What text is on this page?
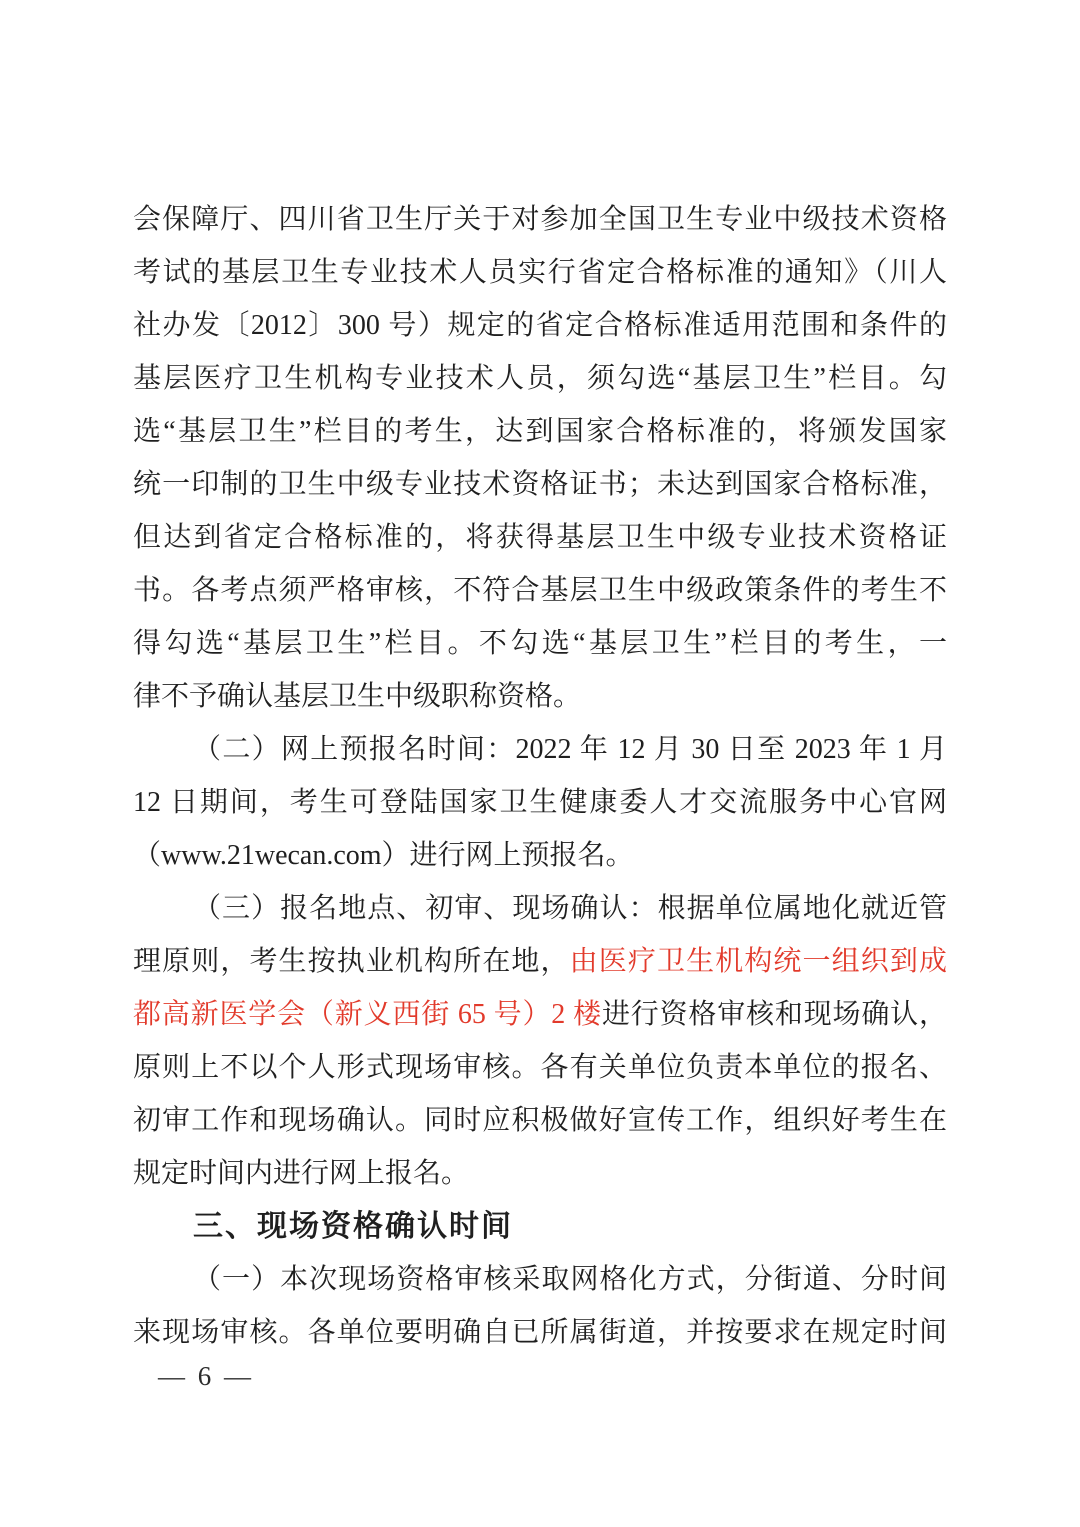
会保障厅、四川省卫生厅关于对参加全国卫生专业中级技术资格
考试的基层卫生专业技术人员实行省定合格标准的通知》（川人
社办发〔2012〕300 号）规定的省定合格标准适用范围和条件的
基层医疗卫生机构专业技术人员，须勾选“基层卫生”栏目。勾
选“基层卫生”栏目的考生，达到国家合格标准的，将颁发国家
统一印制的卫生中级专业技术资格证书；未达到国家合格标准，
但达到省定合格标准的，将获得基层卫生中级专业技术资格证
书。各考点须严格审核，不符合基层卫生中级政策条件的考生不
得勾选“基层卫生”栏目。不勾选“基层卫生”栏目的考生，一
律不予确认基层卫生中级职称资格。
（二）网上预报名时间：2022 年 12 月 30 日至 2023 年 1 月
12 日期间，考生可登陆国家卫生健康委人才交流服务中心官网
（www.21wecan.com）进行网上预报名。
（三）报名地点、初审、现场确认：根据单位属地化就近管
理原则，考生按执业机构所在地，由医疗卫生机构统一组织到成
都高新医学会（新义西街 65 号）2 楼进行资格审核和现场确认，
原则上不以个人形式现场审核。各有关单位负责本单位的报名、
初审工作和现场确认。同时应积极做好宣传工作，组织好考生在
规定时间内进行网上报名。
三、现场资格确认时间
（一）本次现场资格审核采取网格化方式，分街道、分时间
来现场审核。各单位要明确自已所属街道，并按要求在规定时间
— 6 —
